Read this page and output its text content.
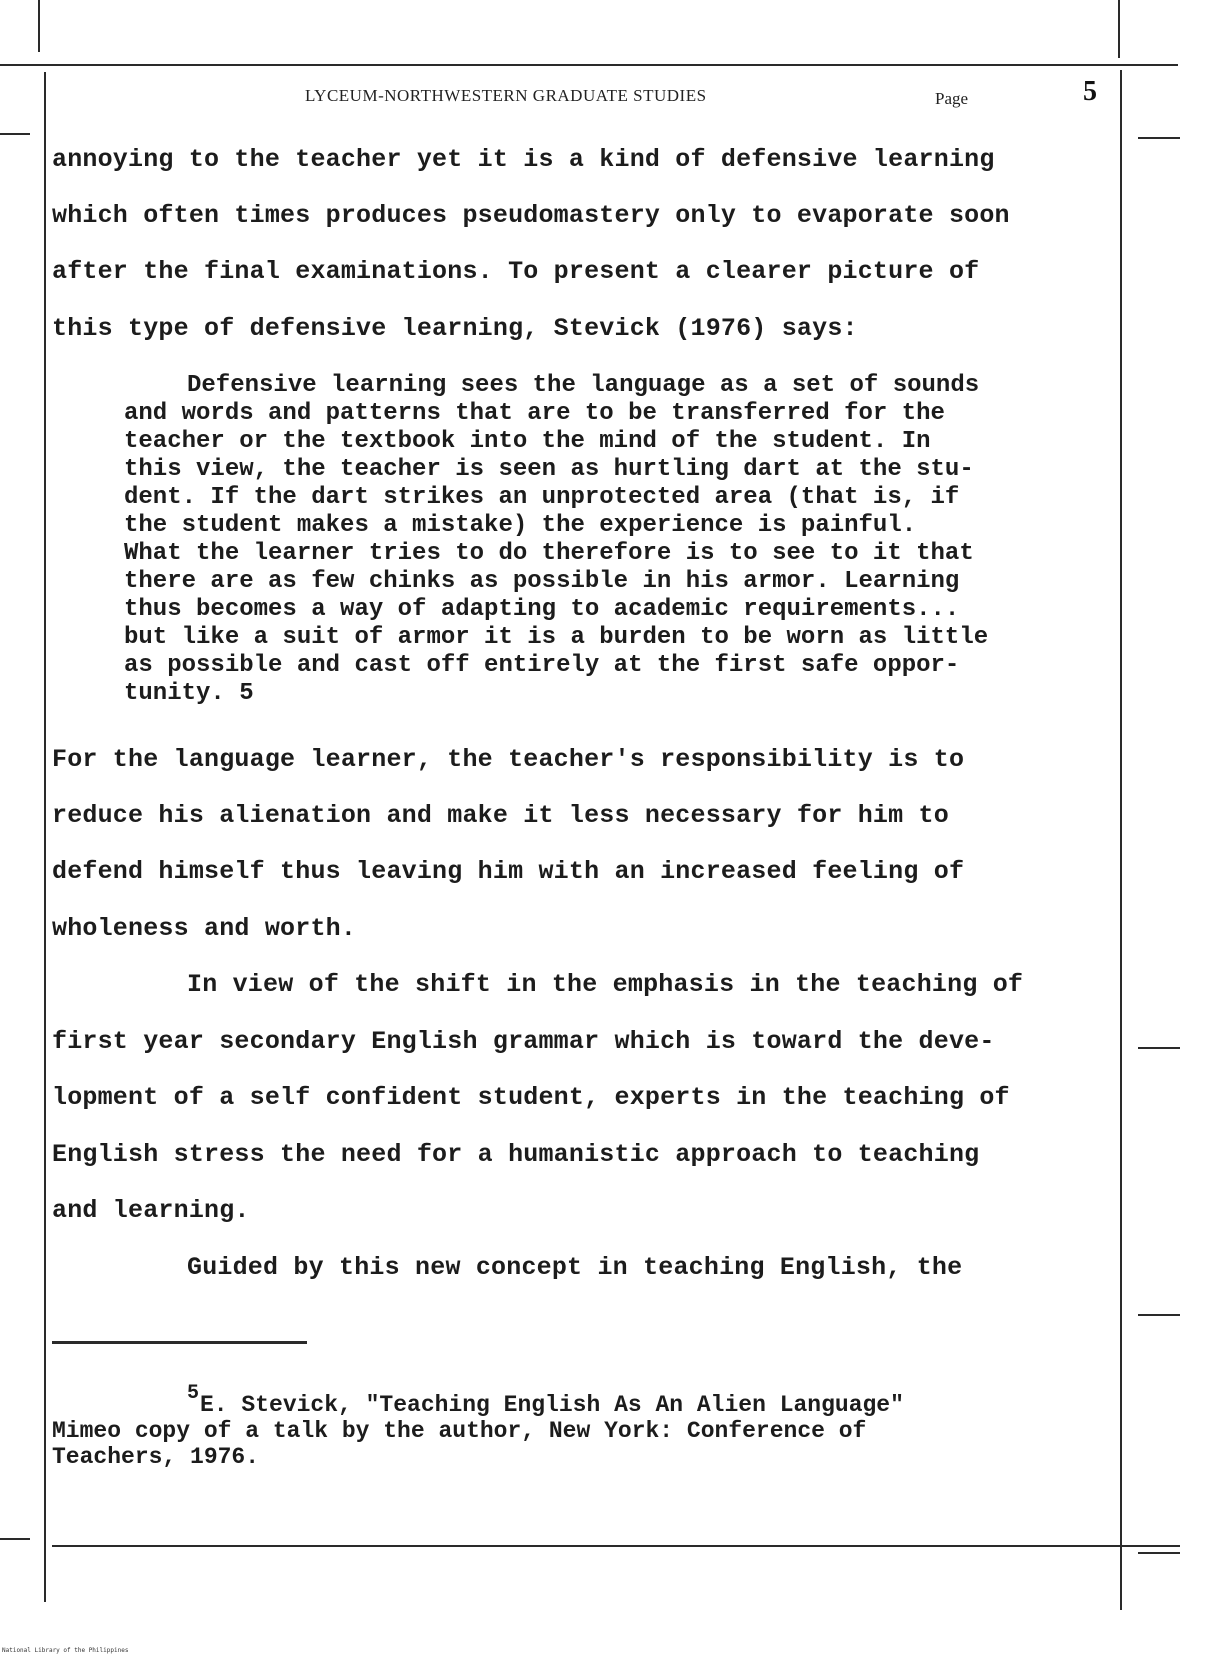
LYCEUM-NORTHWESTERN GRADUATE STUDIES	Page	5
annoying to the teacher yet it is a kind of defensive learning
which often times produces pseudomastery only to evaporate soon
after the final examinations. To present a clearer picture of
this type of defensive learning, Stevick (1976) says:
Defensive learning sees the language as a set of sounds
and words and patterns that are to be transferred for the
teacher or the textbook into the mind of the student. In
this view, the teacher is seen as hurtling dart at the stu-
dent. If the dart strikes an unprotected area (that is, if
the student makes a mistake) the experience is painful.
What the learner tries to do therefore is to see to it that
there are as few chinks as possible in his armor. Learning
thus becomes a way of adapting to academic requirements...
but like a suit of armor it is a burden to be worn as little
as possible and cast off entirely at the first safe oppor-
tunity. 5
For the language learner, the teacher's responsibility is to
reduce his alienation and make it less necessary for him to
defend himself thus leaving him with an increased feeling of
wholeness and worth.
In view of the shift in the emphasis in the teaching of
first year secondary English grammar which is toward the deve-
lopment of a self confident student, experts in the teaching of
English stress the need for a humanistic approach to teaching
and learning.
Guided by this new concept in teaching English, the
5 E. Stevick, "Teaching English As An Alien Language"
Mimeo copy of a talk by the author, New York: Conference of
Teachers, 1976.
National Library of the Philippines
